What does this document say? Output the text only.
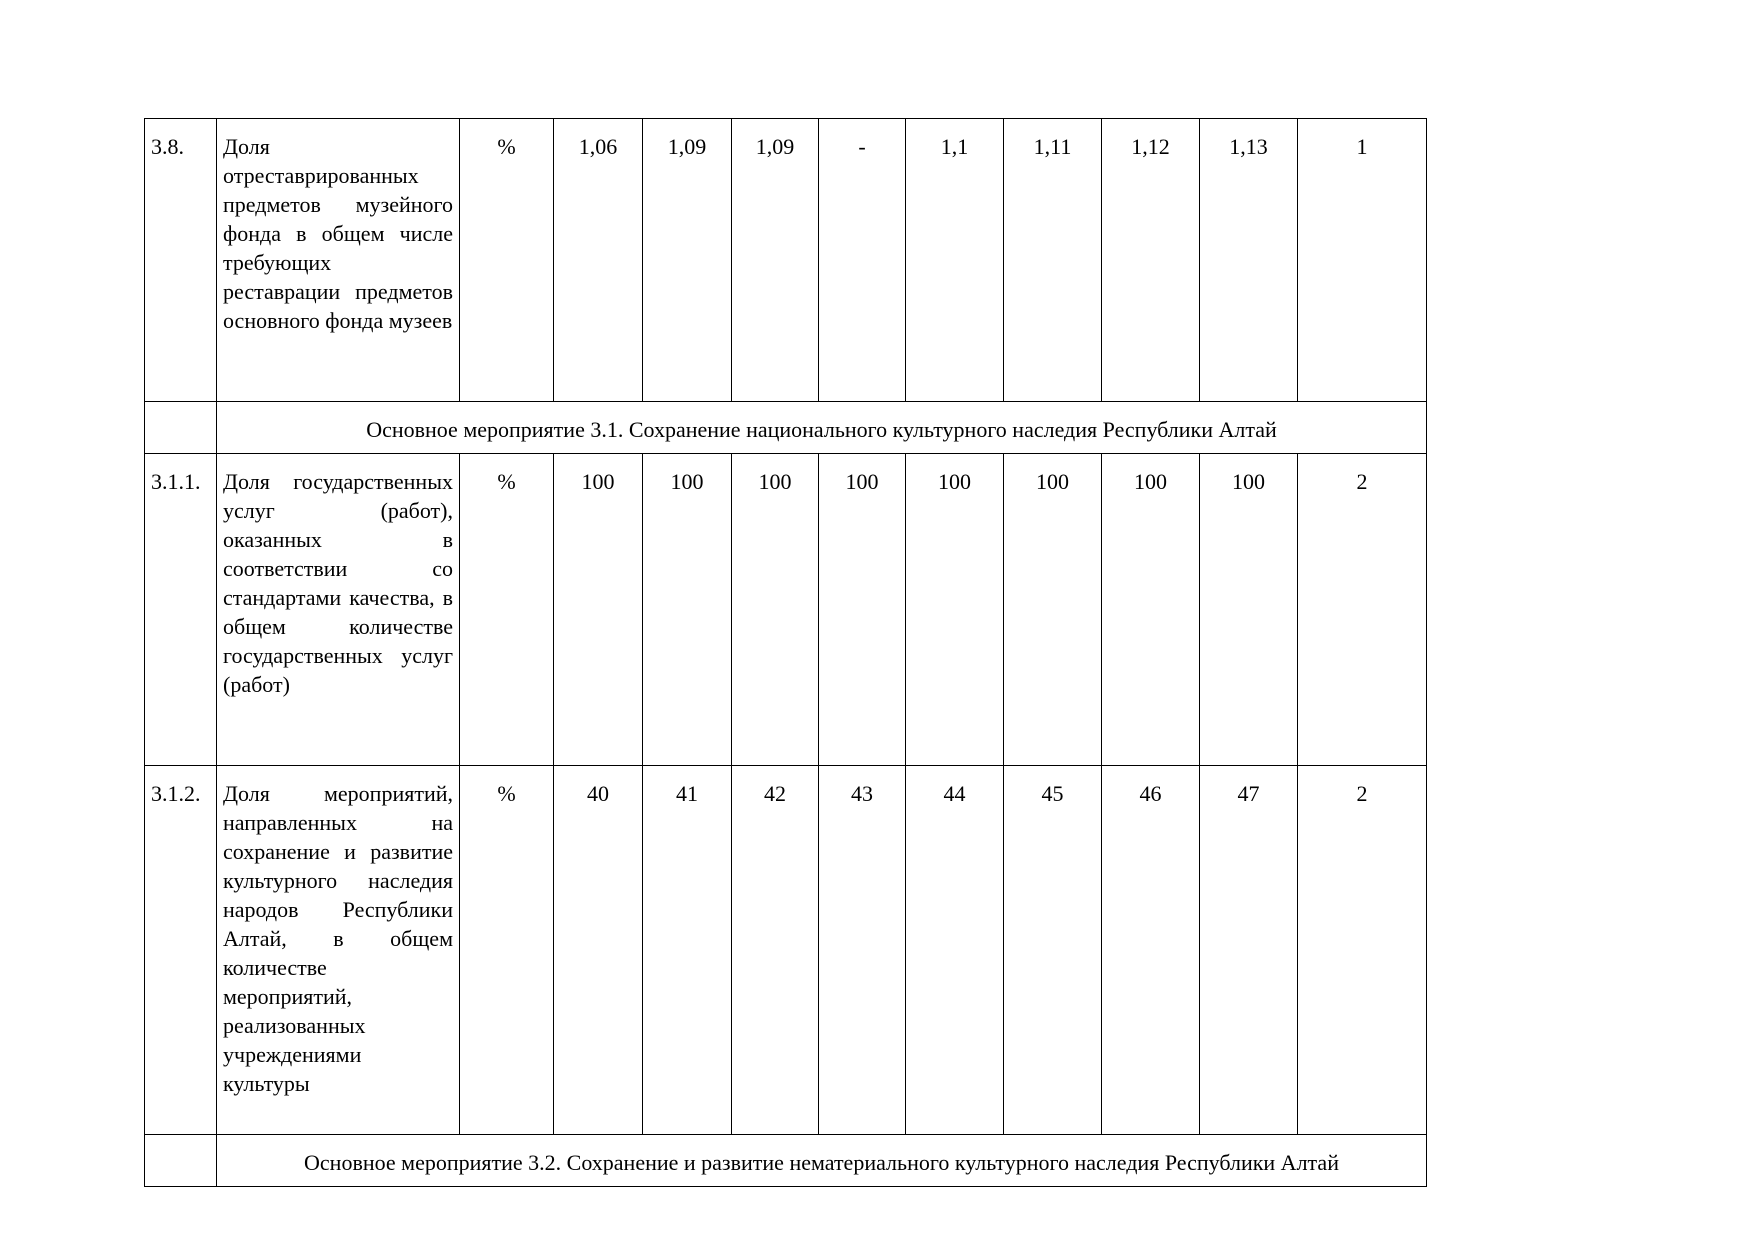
3.8.	Доля отреставрированных предметов музейного фонда в общем числе требующих реставрации предметов основного фонда музеев	%	1,06	1,09	1,09	-	1,1	1,11	1,12	1,13	1
	Основное мероприятие 3.1. Сохранение национального культурного наследия Республики Алтай										
3.1.1.	Доля государственных услуг (работ), оказанных в соответствии со стандартами качества, в общем количестве государственных услуг (работ)	%	100	100	100	100	100	100	100	100	2
3.1.2.	Доля мероприятий, направленных на сохранение и развитие культурного наследия народов Республики Алтай, в общем количестве мероприятий, реализованных учреждениями культуры	%	40	41	42	43	44	45	46	47	2
	Основное мероприятие 3.2. Сохранение и развитие нематериального культурного наследия Республики Алтай										
